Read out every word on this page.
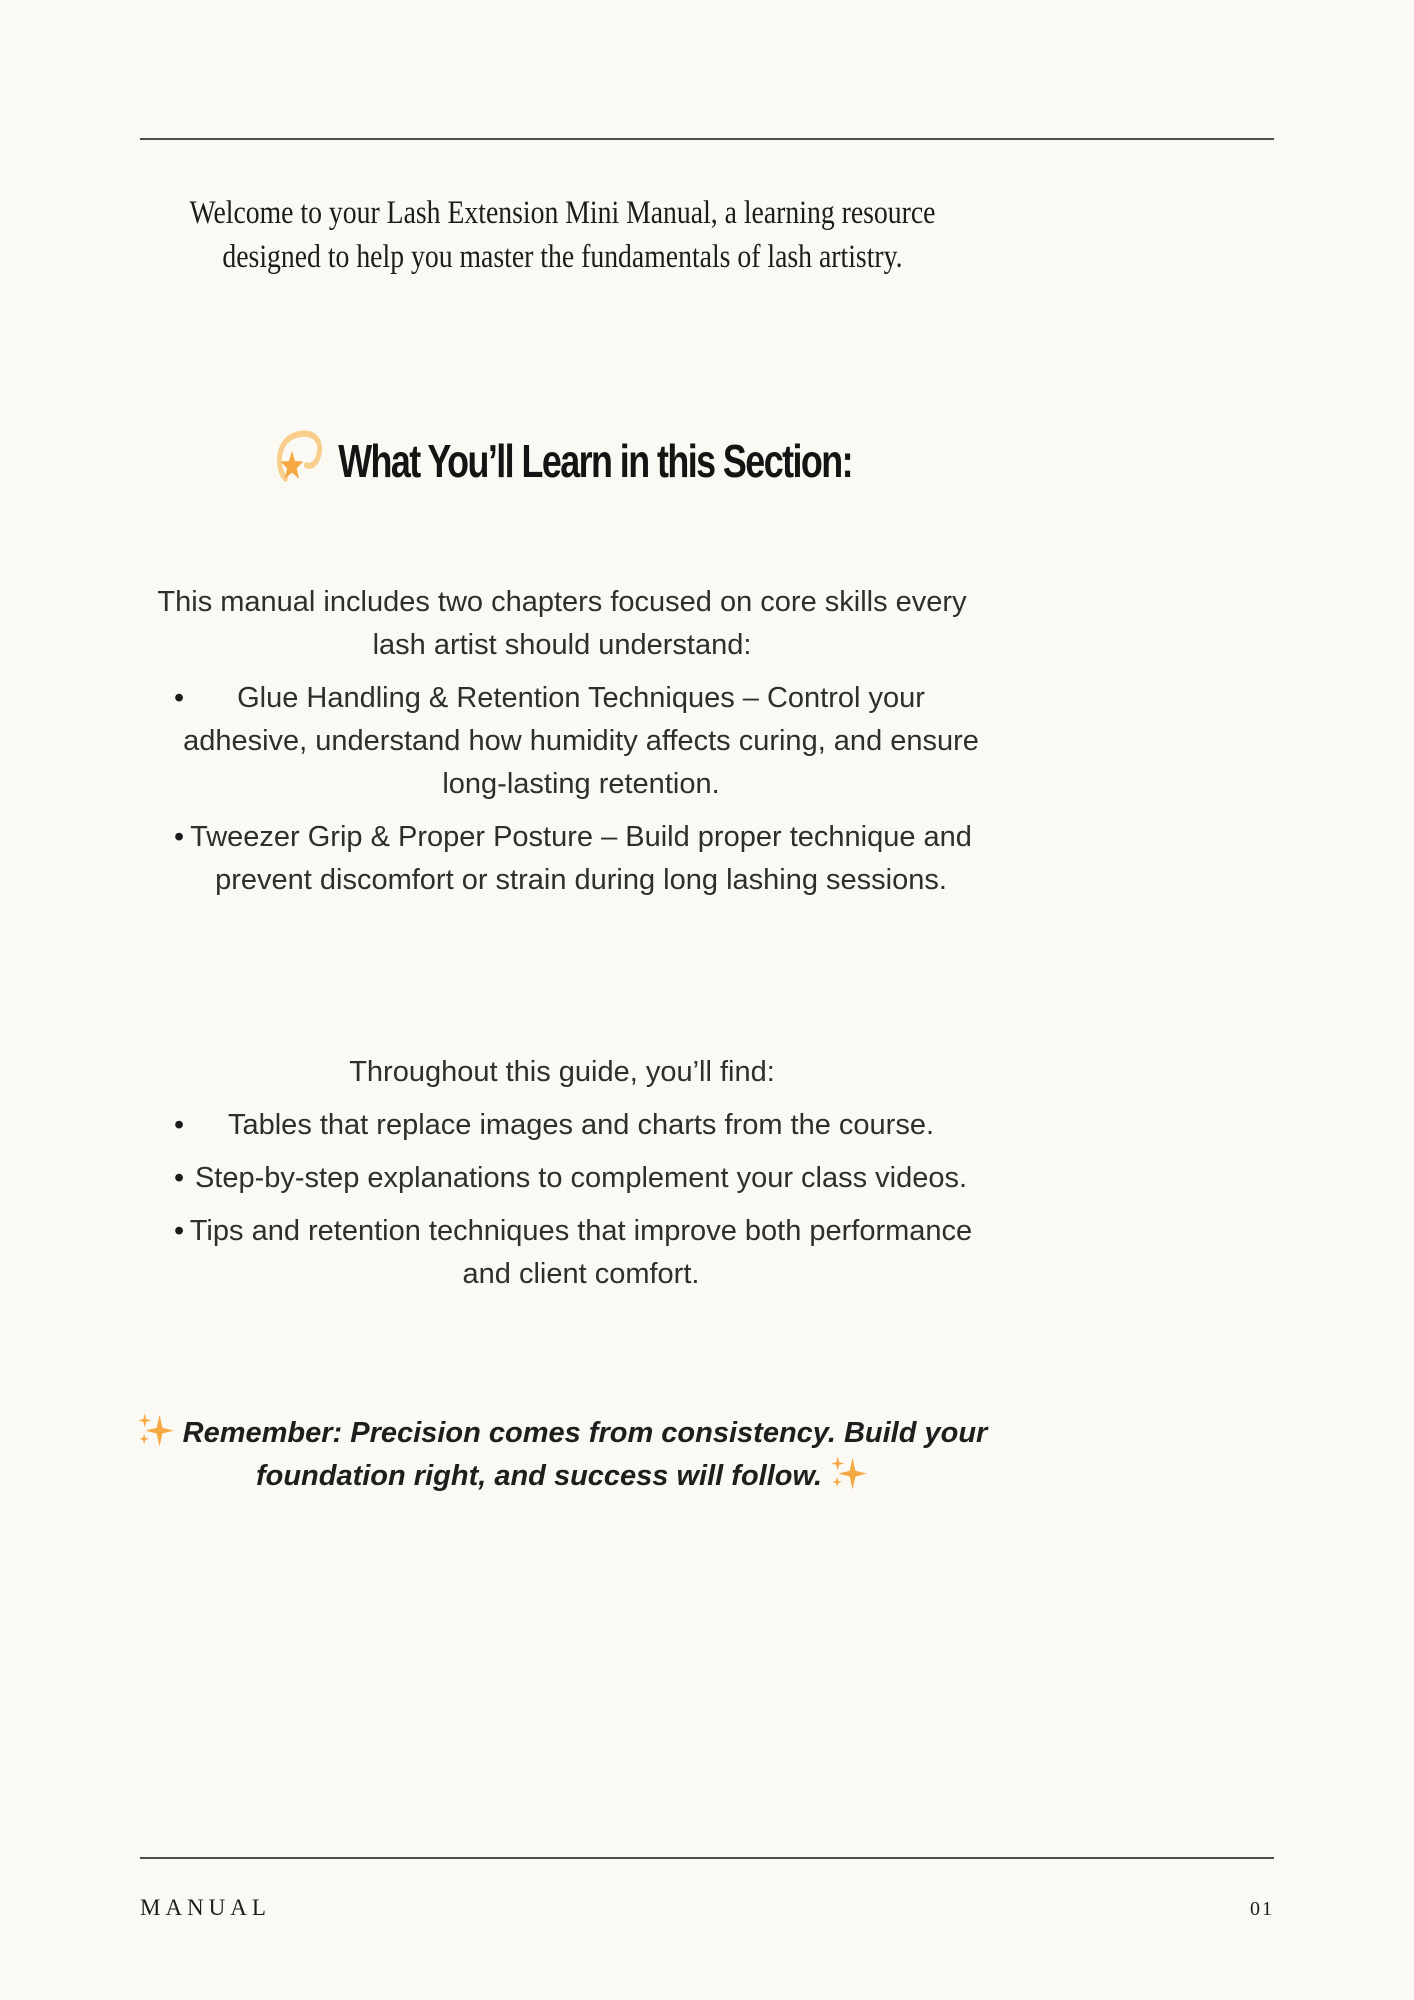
Welcome to your Lash Extension Mini Manual, a learning resource designed to help you master the fundamentals of lash artistry.

What You’ll Learn in this Section:

This manual includes two chapters focused on core skills every lash artist should understand:

• Glue Handling & Retention Techniques – Control your adhesive, understand how humidity affects curing, and ensure long-lasting retention.
• Tweezer Grip & Proper Posture – Build proper technique and prevent discomfort or strain during long lashing sessions.

Throughout this guide, you’ll find:

• Tables that replace images and charts from the course.
• Step-by-step explanations to complement your class videos.
• Tips and retention techniques that improve both performance and client comfort.

Remember: Precision comes from consistency. Build your foundation right, and success will follow.

MANUAL	01
